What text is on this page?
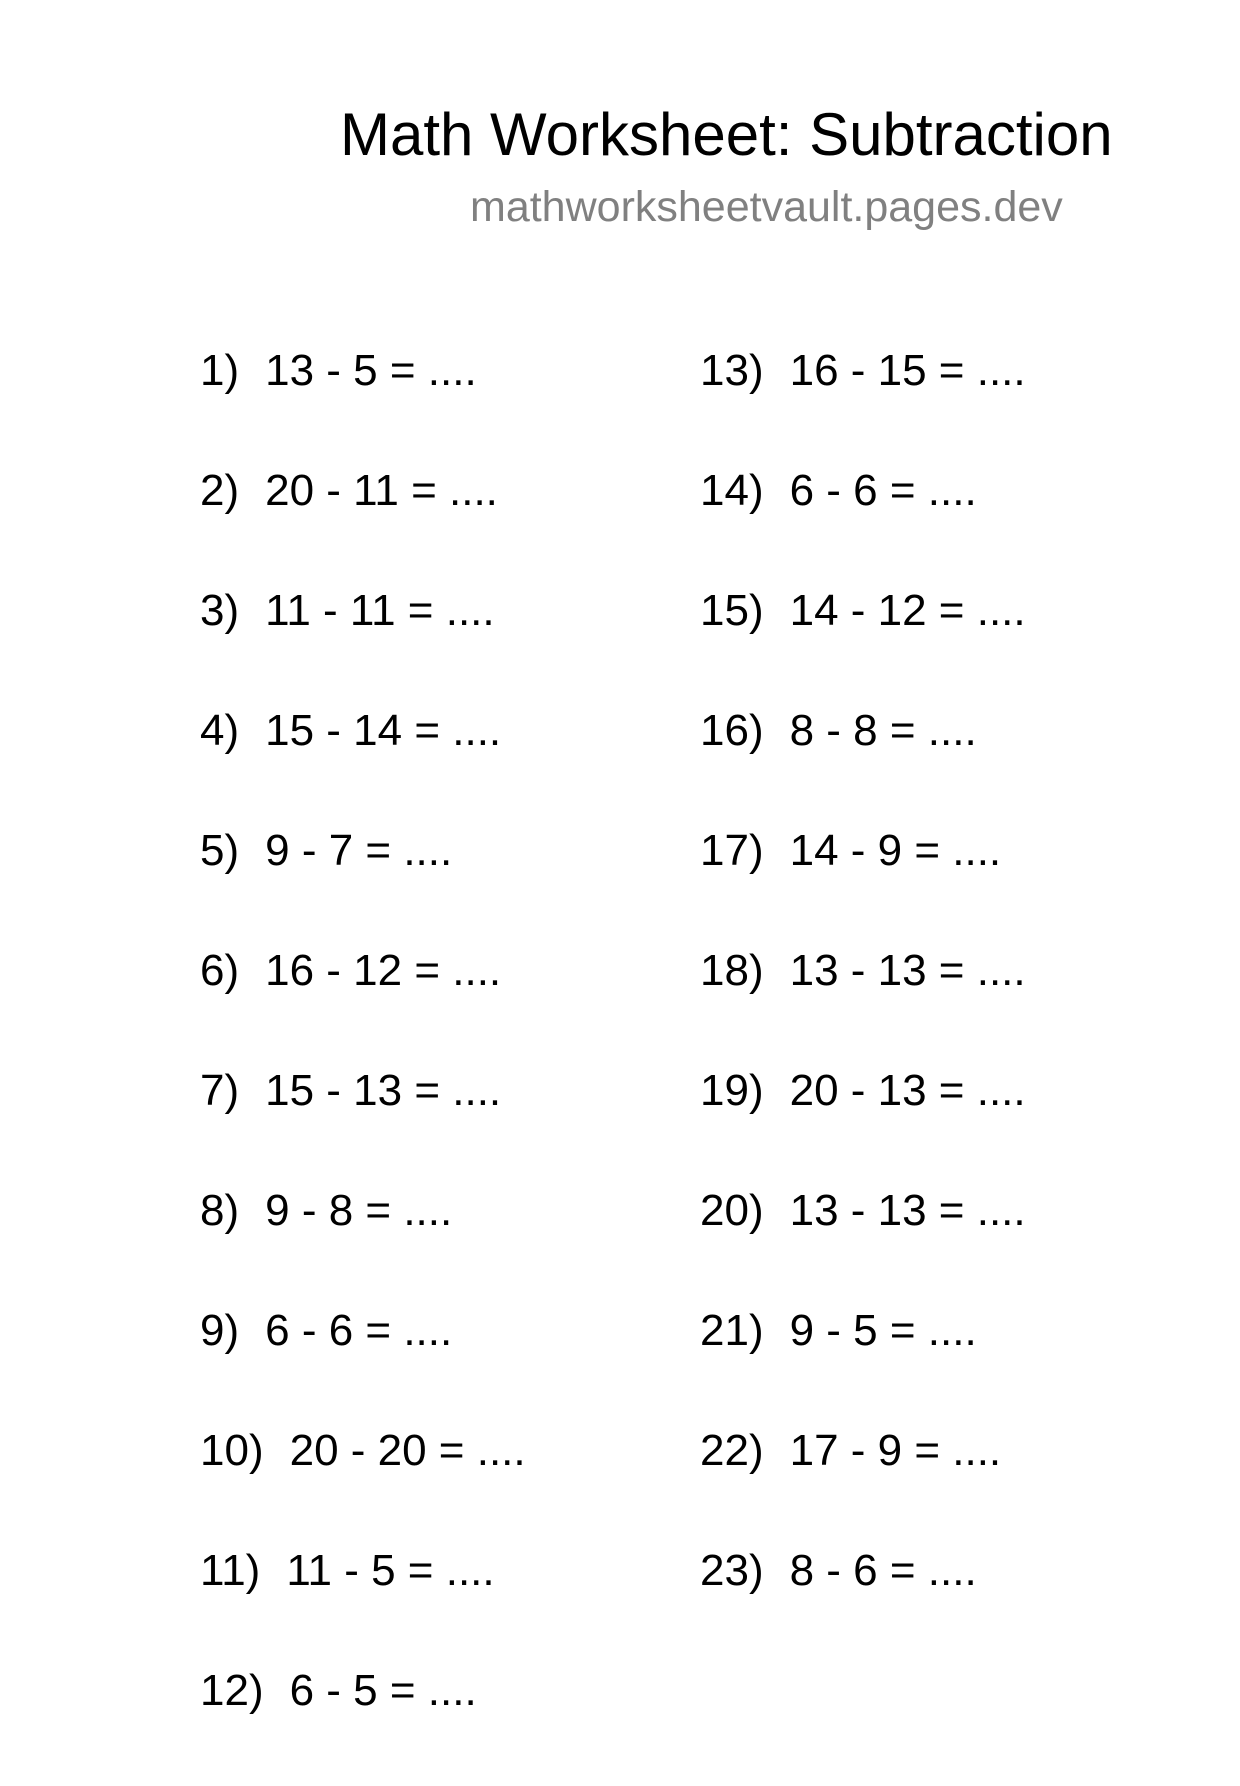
Math Worksheet: Subtraction
mathworksheetvault.pages.dev
1) 13 - 5 = ....
2) 20 - 11 = ....
3) 11 - 11 = ....
4) 15 - 14 = ....
5) 9 - 7 = ....
6) 16 - 12 = ....
7) 15 - 13 = ....
8) 9 - 8 = ....
9) 6 - 6 = ....
10) 20 - 20 = ....
11) 11 - 5 = ....
12) 6 - 5 = ....
13) 16 - 15 = ....
14) 6 - 6 = ....
15) 14 - 12 = ....
16) 8 - 8 = ....
17) 14 - 9 = ....
18) 13 - 13 = ....
19) 20 - 13 = ....
20) 13 - 13 = ....
21) 9 - 5 = ....
22) 17 - 9 = ....
23) 8 - 6 = ....
